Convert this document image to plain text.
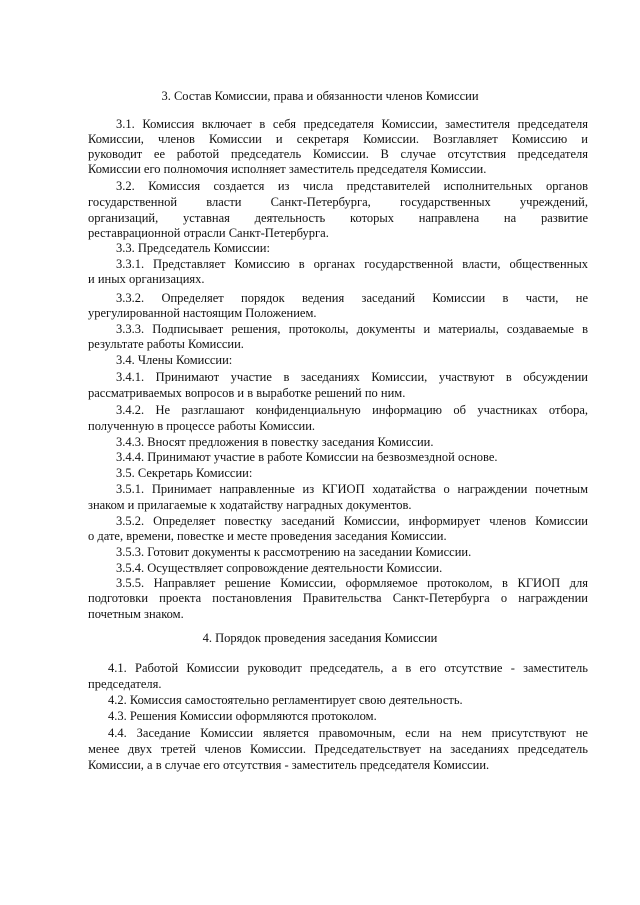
3. Состав Комиссии, права и обязанности членов Комиссии
3.1. Комиссия включает в себя председателя Комиссии, заместителя председателя
Комиссии, членов Комиссии и секретаря Комиссии. Возглавляет Комиссию и
руководит ее работой председатель Комиссии. В случае отсутствия председателя
Комиссии его полномочия исполняет заместитель председателя Комиссии.
3.2. Комиссия создается из числа представителей исполнительных органов
государственной власти Санкт-Петербурга, государственных учреждений,
организаций, уставная деятельность которых направлена на развитие
реставрационной отрасли Санкт-Петербурга.
3.3. Председатель Комиссии:
3.3.1. Представляет Комиссию в органах государственной власти, общественных
и иных организациях.
3.3.2. Определяет порядок ведения заседаний Комиссии в части, не
урегулированной настоящим Положением.
3.3.3. Подписывает решения, протоколы, документы и материалы, создаваемые в
результате работы Комиссии.
3.4. Члены Комиссии:
3.4.1. Принимают участие в заседаниях Комиссии, участвуют в обсуждении
рассматриваемых вопросов и в выработке решений по ним.
3.4.2. Не разглашают конфиденциальную информацию об участниках отбора,
полученную в процессе работы Комиссии.
3.4.3. Вносят предложения в повестку заседания Комиссии.
3.4.4. Принимают участие в работе Комиссии на безвозмездной основе.
3.5. Секретарь Комиссии:
3.5.1. Принимает направленные из КГИОП ходатайства о награждении почетным
знаком и прилагаемые к ходатайству наградных документов.
3.5.2. Определяет повестку заседаний Комиссии, информирует членов Комиссии
о дате, времени, повестке и месте проведения заседания Комиссии.
3.5.3. Готовит документы к рассмотрению на заседании Комиссии.
3.5.4. Осуществляет сопровождение деятельности Комиссии.
3.5.5. Направляет решение Комиссии, оформляемое протоколом, в КГИОП для
подготовки проекта постановления Правительства Санкт-Петербурга о награждении
почетным знаком.
4. Порядок проведения заседания Комиссии
4.1. Работой Комиссии руководит председатель, а в его отсутствие - заместитель
председателя.
4.2. Комиссия самостоятельно регламентирует свою деятельность.
4.3. Решения Комиссии оформляются протоколом.
4.4. Заседание Комиссии является правомочным, если на нем присутствуют не
менее двух третей членов Комиссии. Председательствует на заседаниях председатель
Комиссии, а в случае его отсутствия - заместитель председателя Комиссии.
